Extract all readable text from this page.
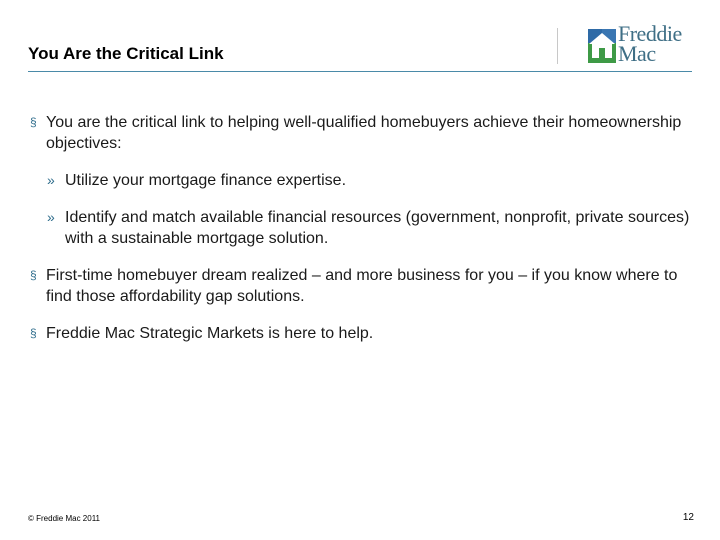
You Are the Critical Link
Freddie
Mac

§ You are the critical link to helping well-qualified homebuyers achieve their homeownership objectives:

» Utilize your mortgage finance expertise.

» Identify and match available financial resources (government, nonprofit, private sources) with a sustainable mortgage solution.

§ First-time homebuyer dream realized – and more business for you – if you know where to find those affordability gap solutions.

§ Freddie Mac Strategic Markets is here to help.

© Freddie Mac 2011	12
